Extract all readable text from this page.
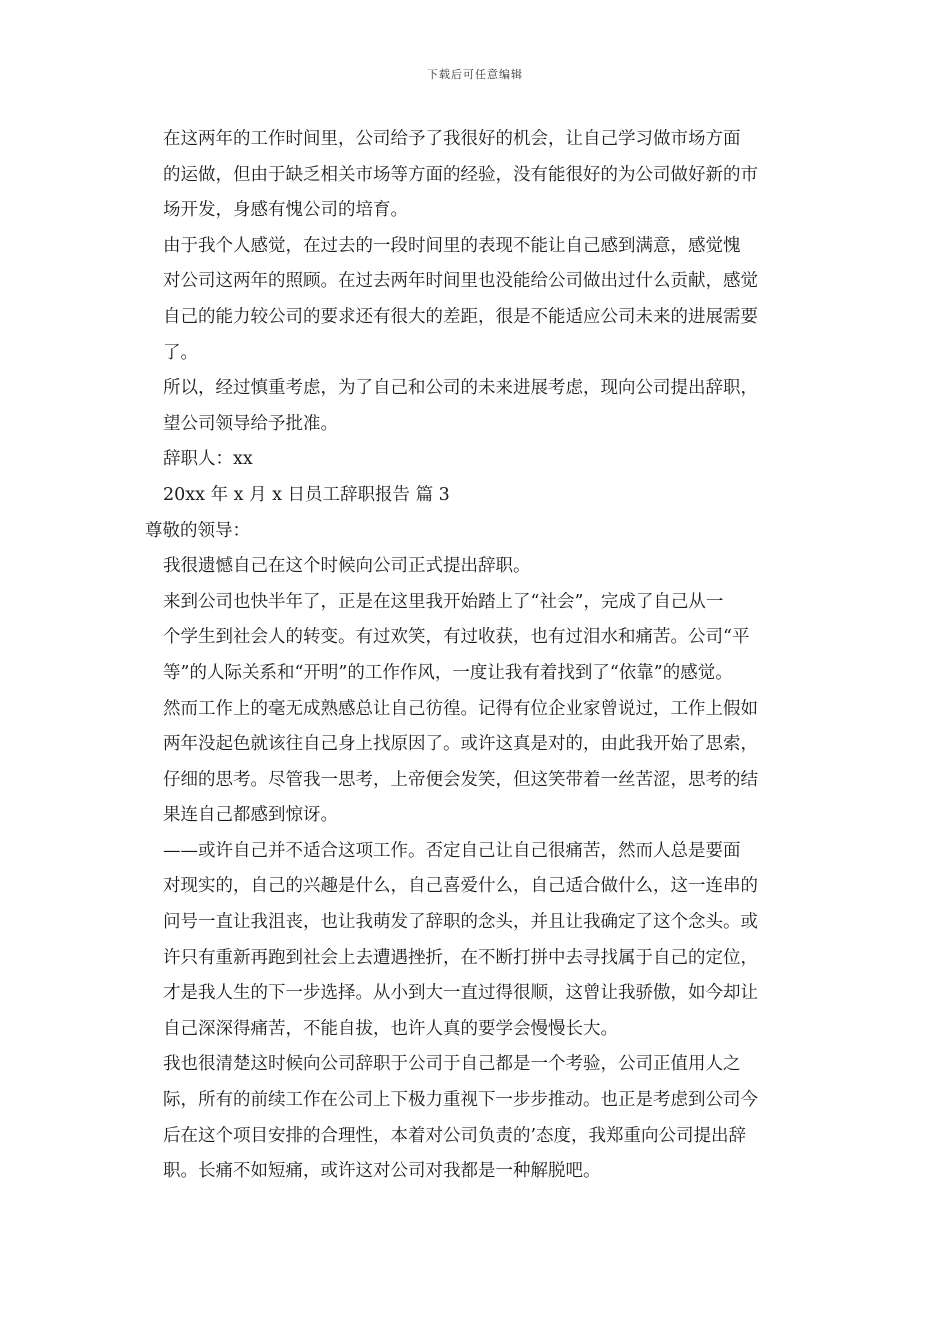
下载后可任意编辑

在这两年的工作时间里，公司给予了我很好的机会，让自己学习做市场方面
的运做，但由于缺乏相关市场等方面的经验，没有能很好的为公司做好新的市
场开发，身感有愧公司的培育。

由于我个人感觉，在过去的一段时间里的表现不能让自己感到满意，感觉愧
对公司这两年的照顾。在过去两年时间里也没能给公司做出过什么贡献，感觉
自己的能力较公司的要求还有很大的差距，很是不能适应公司未来的进展需要
了。

所以，经过慎重考虑，为了自己和公司的未来进展考虑，现向公司提出辞职，
望公司领导给予批准。

辞职人：xx

20xx 年 x 月 x 日员工辞职报告 篇 3

尊敬的领导：

我很遗憾自己在这个时候向公司正式提出辞职。

来到公司也快半年了，正是在这里我开始踏上了“社会”，完成了自己从一
个学生到社会人的转变。有过欢笑，有过收获，也有过泪水和痛苦。公司“平
等”的人际关系和“开明”的工作作风，一度让我有着找到了“依靠”的感觉。
然而工作上的毫无成熟感总让自己彷徨。记得有位企业家曾说过，工作上假如
两年没起色就该往自己身上找原因了。或许这真是对的，由此我开始了思索，
仔细的思考。尽管我一思考，上帝便会发笑，但这笑带着一丝苦涩，思考的结
果连自己都感到惊讶。

——或许自己并不适合这项工作。否定自己让自己很痛苦，然而人总是要面
对现实的，自己的兴趣是什么，自己喜爱什么，自己适合做什么，这一连串的
问号一直让我沮丧，也让我萌发了辞职的念头，并且让我确定了这个念头。或
许只有重新再跑到社会上去遭遇挫折，在不断打拼中去寻找属于自己的定位，
才是我人生的下一步选择。从小到大一直过得很顺，这曾让我骄傲，如今却让
自己深深得痛苦，不能自拔，也许人真的要学会慢慢长大。

我也很清楚这时候向公司辞职于公司于自己都是一个考验，公司正值用人之
际，所有的前续工作在公司上下极力重视下一步步推动。也正是考虑到公司今
后在这个项目安排的合理性，本着对公司负责的’态度，我郑重向公司提出辞
职。长痛不如短痛，或许这对公司对我都是一种解脱吧。
